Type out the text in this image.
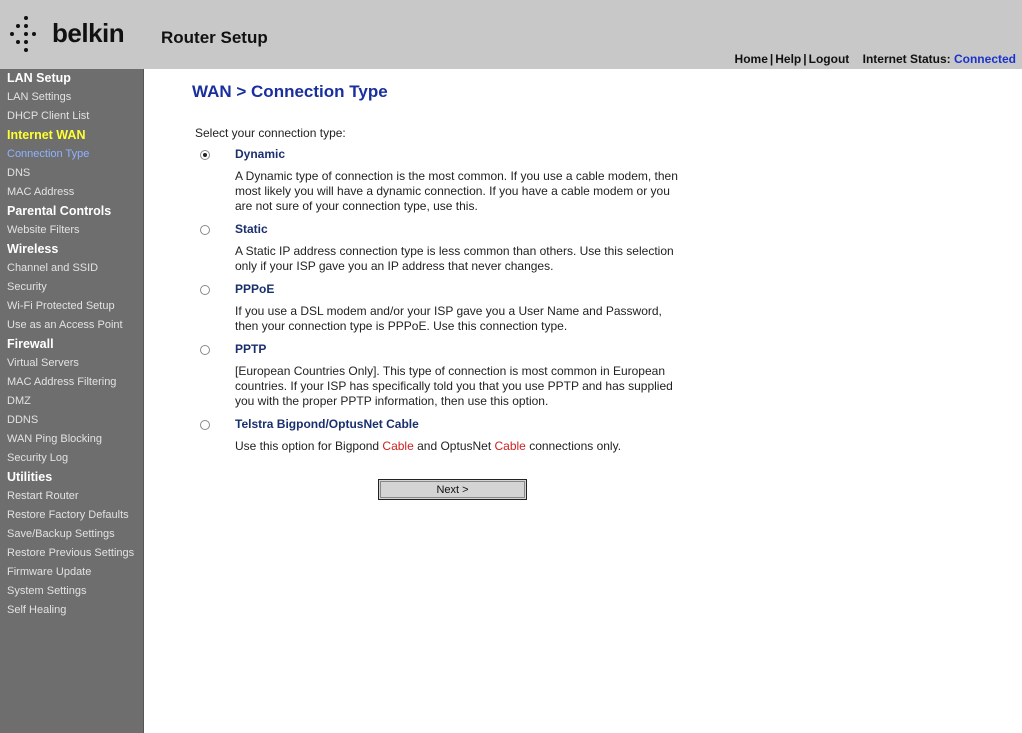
belkin Router Setup
Home | Help | Logout Internet Status: Connected
LAN Setup
LAN Settings
DHCP Client List
Internet WAN
Connection Type
DNS
MAC Address
Parental Controls
Website Filters
Wireless
Channel and SSID
Security
Wi-Fi Protected Setup
Use as an Access Point
Firewall
Virtual Servers
MAC Address Filtering
DMZ
DDNS
WAN Ping Blocking
Security Log
Utilities
Restart Router
Restore Factory Defaults
Save/Backup Settings
Restore Previous Settings
Firmware Update
System Settings
Self Healing
WAN > Connection Type
Select your connection type:
Dynamic
A Dynamic type of connection is the most common. If you use a cable modem, then most likely you will have a dynamic connection. If you have a cable modem or you are not sure of your connection type, use this.
Static
A Static IP address connection type is less common than others. Use this selection only if your ISP gave you an IP address that never changes.
PPPoE
If you use a DSL modem and/or your ISP gave you a User Name and Password, then your connection type is PPPoE. Use this connection type.
PPTP
[European Countries Only]. This type of connection is most common in European countries. If your ISP has specifically told you that you use PPTP and has supplied you with the proper PPTP information, then use this option.
Telstra Bigpond/OptusNet Cable
Use this option for Bigpond Cable and OptusNet Cable connections only.
Next >
